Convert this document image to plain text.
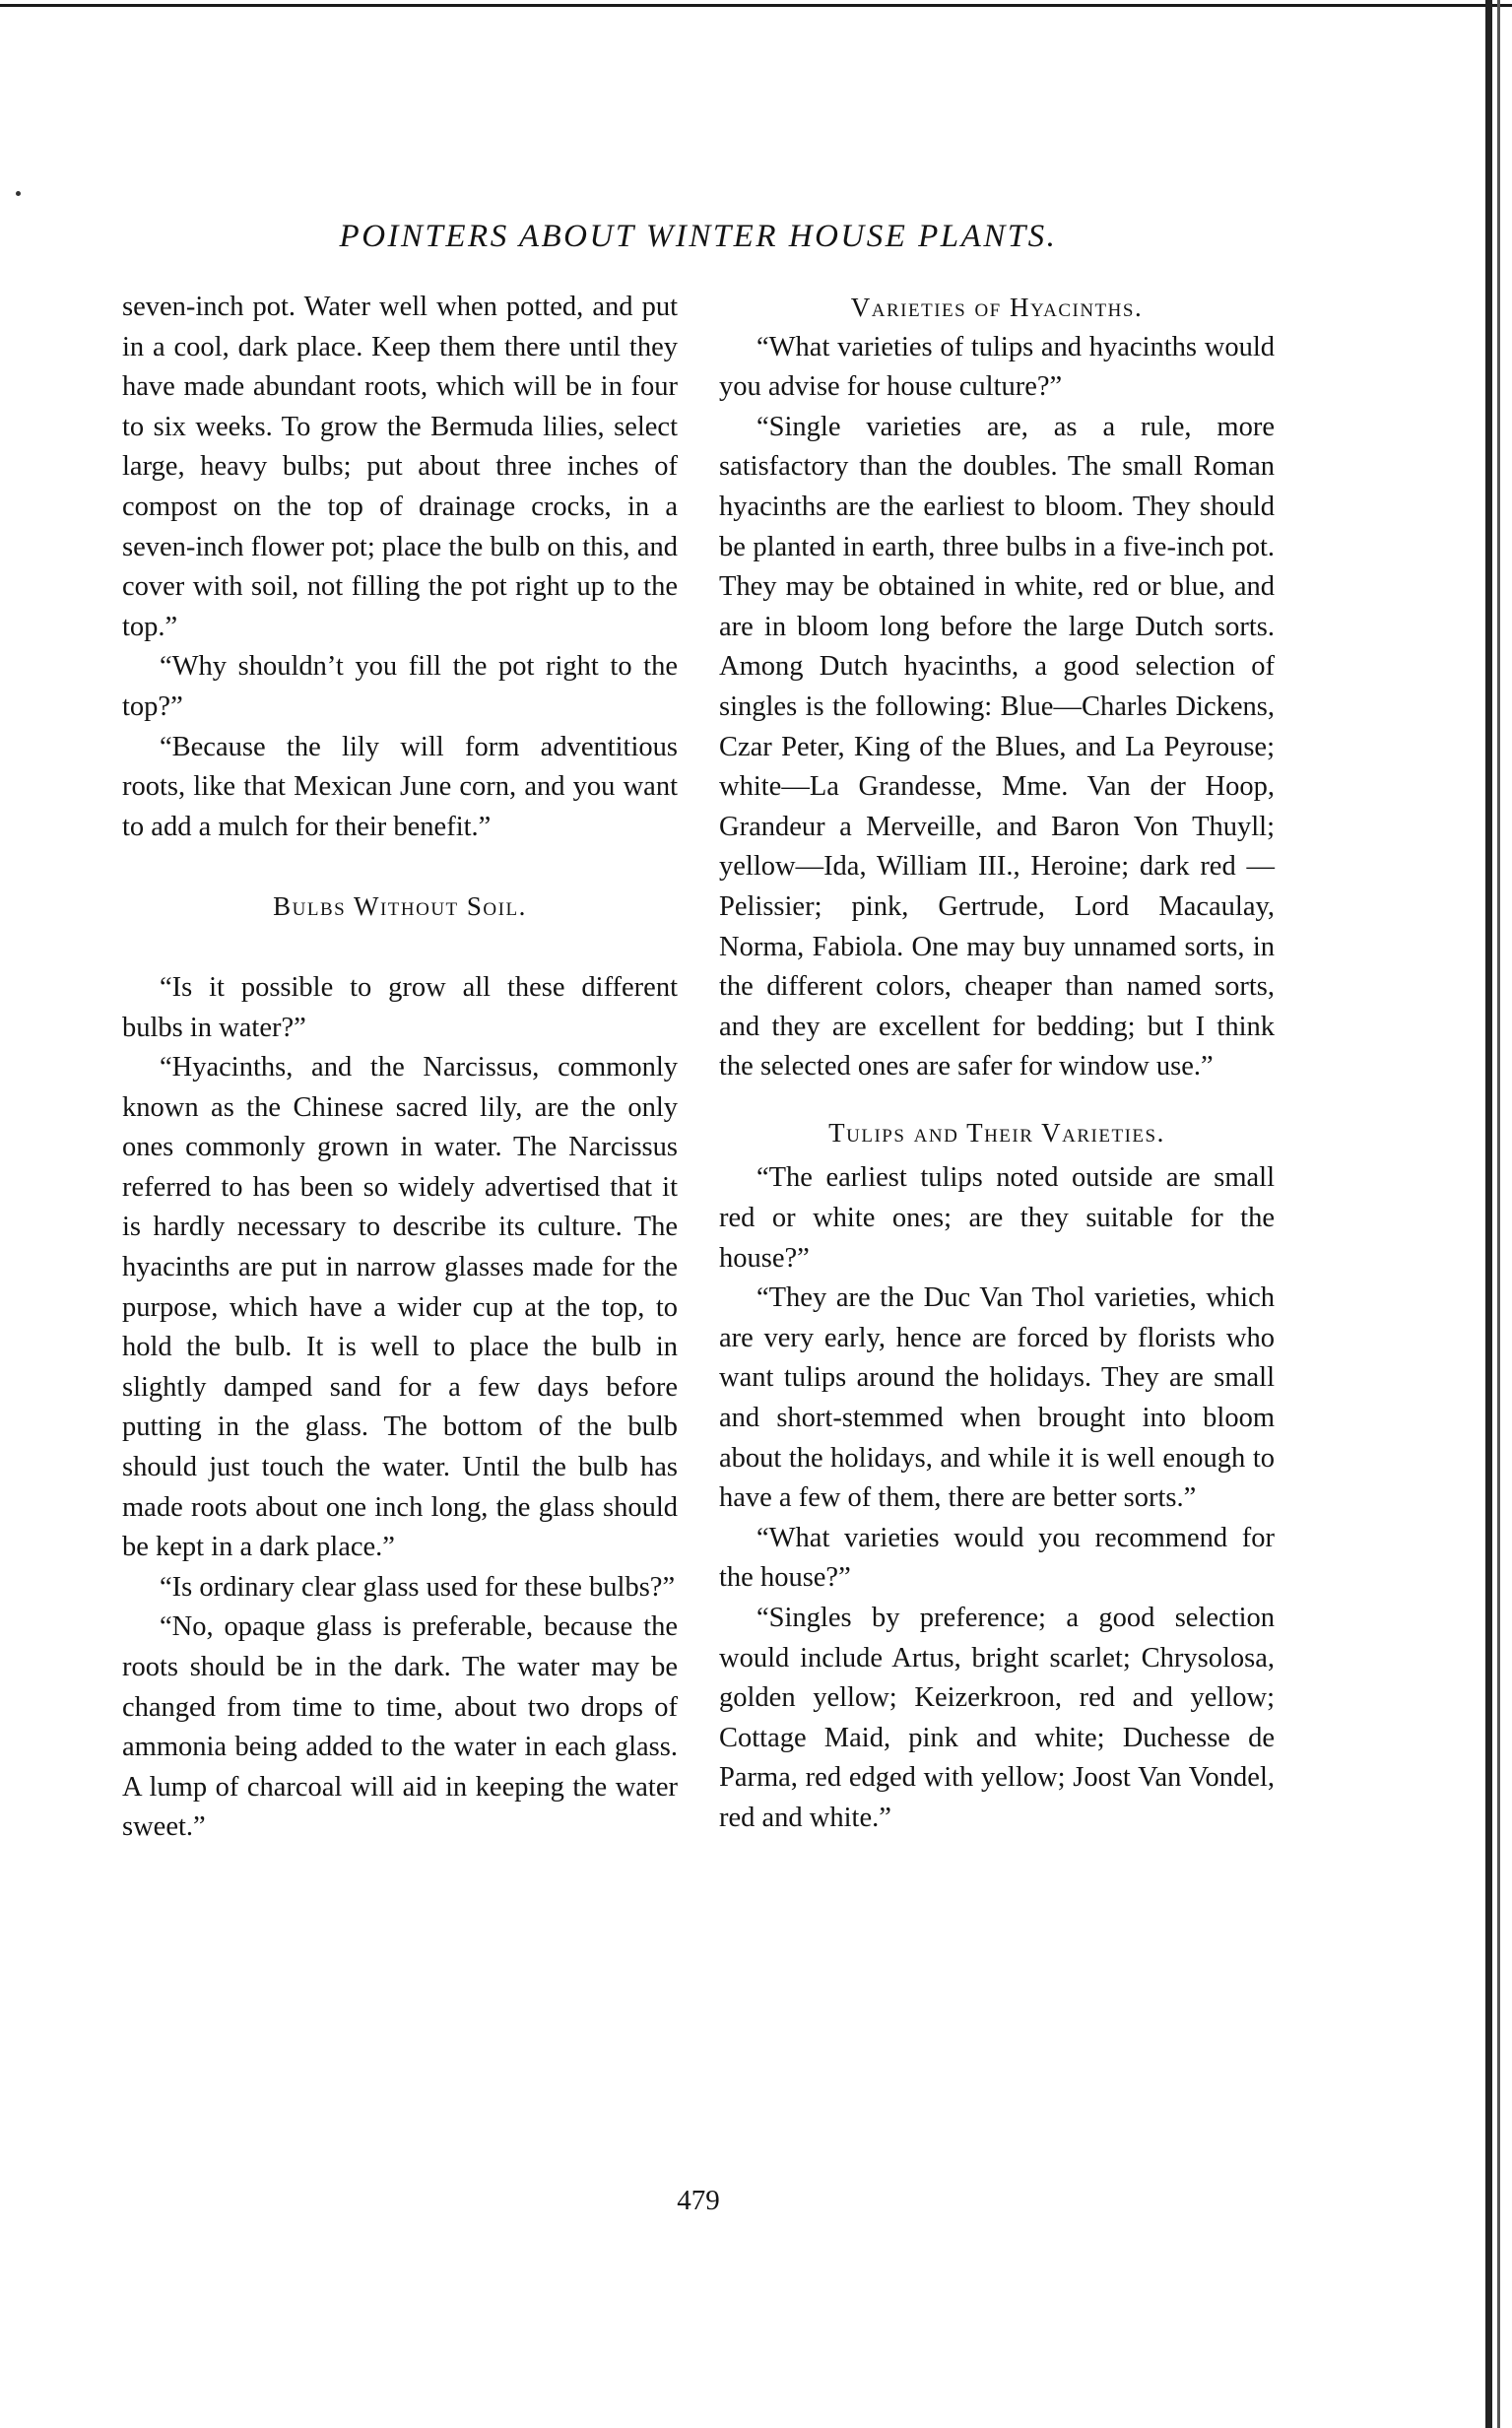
POINTERS ABOUT WINTER HOUSE PLANTS.

seven-inch pot. Water well when potted, and put in a cool, dark place. Keep them there until they have made abundant roots, which will be in four to six weeks. To grow the Bermuda lilies, select large, heavy bulbs; put about three inches of compost on the top of drainage crocks, in a seven-inch flower pot; place the bulb on this, and cover with soil, not filling the pot right up to the top.”

“Why shouldn’t you fill the pot right to the top?”

“Because the lily will form adventitious roots, like that Mexican June corn, and you want to add a mulch for their benefit.”

Bulbs Without Soil.

“Is it possible to grow all these different bulbs in water?”

“Hyacinths, and the Narcissus, commonly known as the Chinese sacred lily, are the only ones commonly grown in water. The Narcissus referred to has been so widely advertised that it is hardly necessary to describe its culture. The hyacinths are put in narrow glasses made for the purpose, which have a wider cup at the top, to hold the bulb. It is well to place the bulb in slightly damped sand for a few days before putting in the glass. The bottom of the bulb should just touch the water. Until the bulb has made roots about one inch long, the glass should be kept in a dark place.”

“Is ordinary clear glass used for these bulbs?”

“No, opaque glass is preferable, because the roots should be in the dark. The water may be changed from time to time, about two drops of ammonia being added to the water in each glass. A lump of charcoal will aid in keeping the water sweet.”

Varieties of Hyacinths.

“What varieties of tulips and hyacinths would you advise for house culture?”

“Single varieties are, as a rule, more satisfactory than the doubles. The small Roman hyacinths are the earliest to bloom. They should be planted in earth, three bulbs in a five-inch pot. They may be obtained in white, red or blue, and are in bloom long before the large Dutch sorts. Among Dutch hyacinths, a good selection of singles is the following: Blue—Charles Dickens, Czar Peter, King of the Blues, and La Peyrouse; white—La Grandesse, Mme. Van der Hoop, Grandeur a Merveille, and Baron Von Thuyll; yellow—Ida, William III., Heroine; dark red — Pelissier; pink, Gertrude, Lord Macaulay, Norma, Fabiola. One may buy unnamed sorts, in the different colors, cheaper than named sorts, and they are excellent for bedding; but I think the selected ones are safer for window use.”

Tulips and Their Varieties.

“The earliest tulips noted outside are small red or white ones; are they suitable for the house?”

“They are the Duc Van Thol varieties, which are very early, hence are forced by florists who want tulips around the holidays. They are small and short-stemmed when brought into bloom about the holidays, and while it is well enough to have a few of them, there are better sorts.”

“What varieties would you recommend for the house?”

“Singles by preference; a good selection would include Artus, bright scarlet; Chrysolosa, golden yellow; Keizerkroon, red and yellow; Cottage Maid, pink and white; Duchesse de Parma, red edged with yellow; Joost Van Vondel, red and white.”

479
